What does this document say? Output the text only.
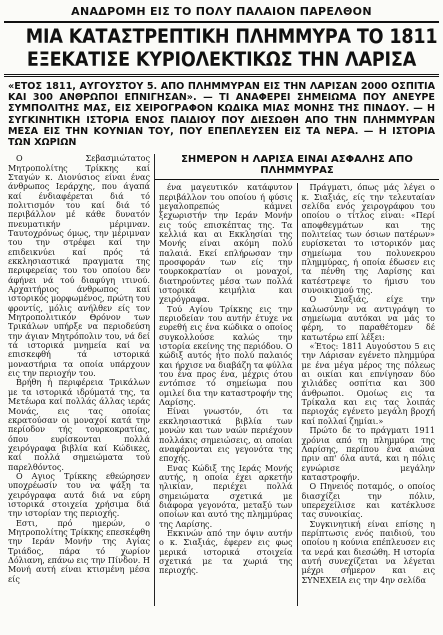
ΑΝΑΔΡΟΜΗ ΕΙΣ ΤΟ ΠΟΛΥ ΠΑΛΑΙΟΝ ΠΑΡΕΛΘΟΝ
ΜΙΑ ΚΑΤΑΣΤΡΕΠΤΙΚΗ ΠΛΗΜΜΥΡΑ ΤΟ 1811
ΕΞΕΚΑΤΙΣΕ ΚΥΡΙΟΛΕΚΤΙΚΩΣ ΤΗΝ ΛΑΡΙΣΑ
«ΕΤΟΣ 1811, ΑΥΓΟΥΣΤΟΥ 5. ΑΠΟ ΠΛΗΜΜΥΡΑΝ ΕΙΣ ΤΗΝ ΛΑΡΙΣΑΝ 2000 ΟΣΠΙΤΙΑ ΚΑΙ 300 ΑΝΘΡΩΠΟΙ ΕΠΝΙΓΗΣΑΝ». — ΤΙ ΑΝΑΦΕΡΕΙ ΣΗΜΕΙΩΜΑ ΠΟΥ ΑΝΕΥΡΕ ΣΥΜΠΟΛΙΤΗΣ ΜΑΣ, ΕΙΣ ΧΕΙΡΟΓΡΑΦΟΝ ΚΩΔΙΚΑ ΜΙΑΣ ΜΟΝΗΣ ΤΗΣ ΠΙΝΔΟΥ. — Η ΣΥΓΚΙΝΗΤΙΚΗ ΙΣΤΟΡΙΑ ΕΝΟΣ ΠΑΙΔΙΟΥ ΠΟΥ ΔΙΕΣΩΘΗ ΑΠΟ ΤΗΝ ΠΛΗΜΜΥΡΑΝ ΜΕΣΑ ΕΙΣ ΤΗΝ ΚΟΥΝΙΑΝ ΤΟΥ, ΠΟΥ ΕΠΕΠΛΕΥΣΕΝ ΕΙΣ ΤΑ ΝΕΡΑ. — Η ΙΣΤΟΡΙΑ ΤΩΝ ΧΩΡΙΩΝ

Ο Σεβασμιώτατος Μητροπολίτης Τρίκκης καί Σταγών κ. Διονύσιος είναι ένας άνθρωπος Ιεράρχης, που άγαπά καί ένδιαφέρεται διά τό πολιτισμόν του καί διά τό περιβάλλον μέ κάθε δυνατόν πνευματικήν μέριμναν. Ταυτοχρόνως όμως, την μέριμναν του την στρέφει καί την επιδεικνύει καί πρός τά εκκλησιαστικά πραγματα της περιφερείας του του οποίου δεν άφήνει νά τού διαφύγη ιτινού. Αρχαιτήριος άνθρωπος καί ιστορικός μορφωμένος, πρώτη του φροντίς, μόλις ανήλθεν είς τον Μητροπολιτικόν Θρόνον των Τρικάλων υπήρξε να περιοδεύση την άγιαν Μητρόπολιν του, νά δεί τά ιστορικά μνημεία καί να επισκεφθή τά ιστορικά μοναστήρια τα οποία υπάρχουν εις την περιοχήν του.

Βρήθη ή περιφέρεια Τρικάλων με τα ιστορικά ιδρύματά της, τα Μετέωρα καί πολλάς άλλας ιεράς Μονάς, εις τας οποίας εκρατούσαν οι μοναχοί κατά την περίοδον τής τουρκοκρατίας, όπου ευρίσκονται πολλά χειρόγραφα βιβλία καί Κώδικες, καί πολλά σημειώματα τού παρελθόντος.

Ο Αγιος Τρίκκης εθεώρησεν υποχρέωσίν του να ψάξη τα χειρόγραφα αυτά διά να εύρη ιστορικά στοιχεία χρήσιμα διά την ιστορίαν της περιοχής.

Εστι, πρό ημερών, ο Μητροπολίτης Τρίκκης επεσκέφθη την Ιεράν Μονήν της Αγίας Τριάδος, πάρα τό χωρίον Δόλιανη, επάνω εις την Πίνδον. Η Μονή αυτή είναι κτισμένη μέσα είς

ΣΗΜΕΡΟΝ Η ΛΑΡΙΣΑ ΕΙΝΑΙ ΑΣΦΑΛΗΣ ΑΠΟ ΠΛΗΜΜΥΡΑΣ

ένα μαγευτικόν κατάφυτον περιβάλλον του οποίου ή φύσις μεγαλοπρεπώς κάμνει ξεχωριστήν την Ιεράν Μονήν εις τούς επισκέπτας της. Τα κελλιά και αι Εκκλησίαι της Μονής είναι ακόμη πολύ παλαιά. Εκεί επλήρωσαν την προσφοράν των είς την τουρκοκρατίαν οι μοναχοί, διατηρούντες μέσα των πολλά ιστορικά κειμήλια και χειρόγραφα.

Τού Αγίου Τρίκκης εις την περιοδείαν του αυτήν έτυχε να ευρεθή εις ένα κώδικα ο οποίος συγκολλούσε καλώς την ιστορία εκείνης της περιόδου. Ο κώδιξ αυτός ήτο πολύ παλαιός και ήρχισε να διαβάζη τα φύλλα του ένα προς ένα, μέχρις ότου εντόπισε τό σημείωμα που ομιλεί δια την καταστροφήν της Λαρίσης.

Είναι γνωστόν, ότι τα εκκλησιαστικά βιβλία των μονών και των ναών περιέχουν πολλάκις σημειώσεις, αι οποίαι αναφέρονται εις γεγονότα της εποχής.

Ενας Κώδιξ της Ιεράς Μονής αυτής, η οποία έχει αρκετήν ηλικίαν, περιέχει πολλά σημειώματα σχετικά με διάφορα γεγονότα, μεταξύ των οποίων και αυτό της πλημμύρας της Λαρίσης.

Εκκινών από την όψιν αυτήν ο κ. Σιαξιάς, έφερεν εις φως μερικά ιστορικά στοιχεία σχετικά με τα χωριά της περιοχής.

Πράγματι, όπως μάς λέγει ο κ. Σιαξιάς, είς την τελευταίαν σελίδα ενός χειρογράφου του οποίου ο τίτλος είναι: «Περί αποφθεγμάτων και της πολιτείας των όσιων πατέρων» ευρίσκεται το ιστορικόν μας σημείωμα του πολυνεκρου πλημμύρας, ή οποία έδωσεν εις τα πένθη της Λαρίσης και κατέστρεψε το ήμισυ του συνοικισμού της.

Ο Σιαξιάς, είχε την καλωσύνην να αντιγράψη το σημείωμα αυτόκαι να μάς το φέρη, το παραθέτομεν δέ κατωτέρω επί λέξει:

«Έτος: 1811 Αυγούστου 5 εις την Λάρισαν εγένετο πλημμύρα με ένα μέγα μέρος της πόλεως αι οικίαι και επνίγησαν δύο χιλιάδες οσπίτια και 300 άνθρωποι. Ομοίως εις τα Τρίκαλα και εις τας λοιπάς περιοχάς εγένετο μεγάλη βροχή καί πολλαί ζημίαι.»

Πρώτο δε το πράγματι 1911 χρόνια από τη πλημμύρα της Λαρίσης, περίπου ένα αιώνα πριν απ' όλα αυτά, και η πόλις εγνώρισε μεγάλην καταστροφήν.

Ο Πηνειός ποταμός, ο οποίος διασχίζει την πόλιν, υπερεχείλισε και κατέκλυσε τας συνοικίας.

Συγκινητική είναι επίσης η περίπτωσις ενός παιδιού, του οποίου η κούνια επέπλευσεν εις τα νερά και διεσώθη. Η ιστορία αυτή συνεχίζεται να λέγεται μέχρι σήμερον και εις ΣΥΝΕΧΕΙΑ εις την 4ην σελίδα
